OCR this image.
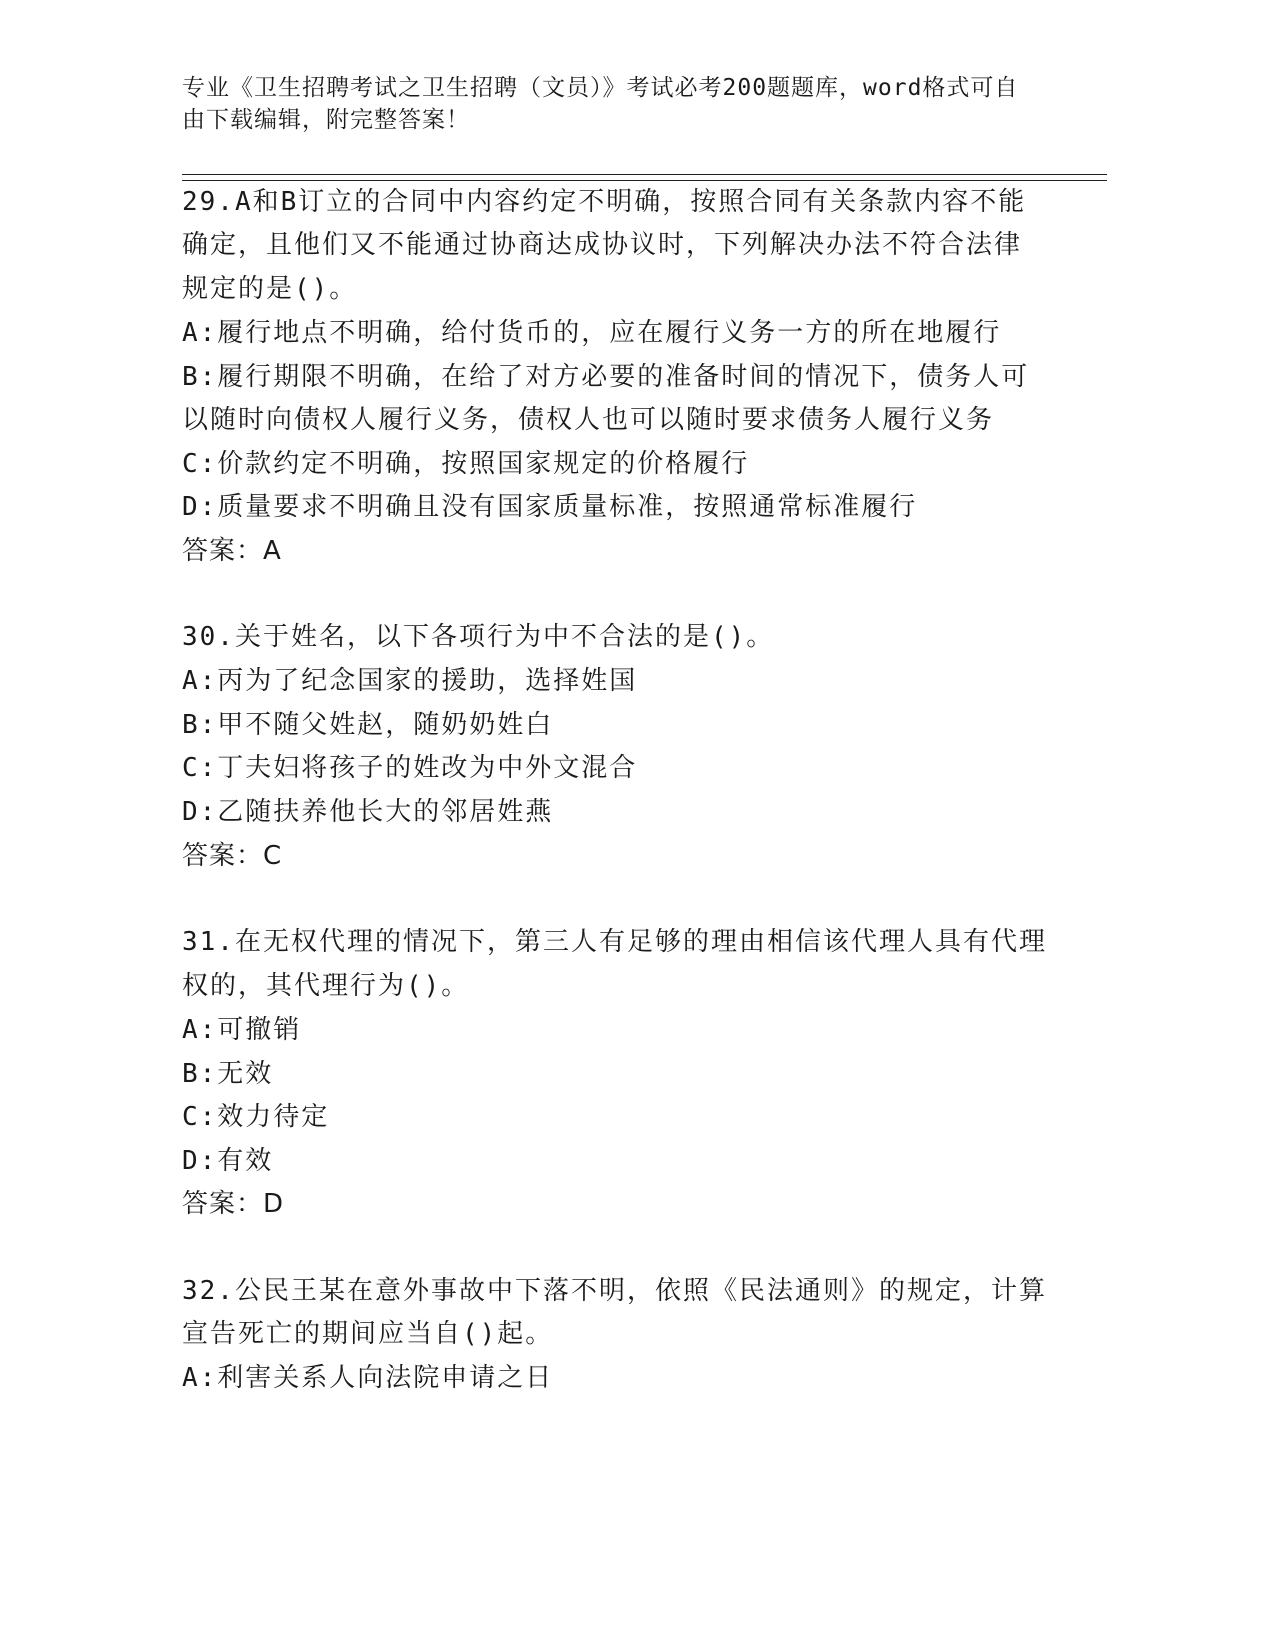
专业《卫生招聘考试之卫生招聘（文员）》考试必考200题题库，word格式可自由下载编辑，附完整答案！
29.A和B订立的合同中内容约定不明确，按照合同有关条款内容不能
确定，且他们又不能通过协商达成协议时，下列解决办法不符合法律
规定的是()。
A:履行地点不明确，给付货币的，应在履行义务一方的所在地履行
B:履行期限不明确，在给了对方必要的准备时间的情况下，债务人可
以随时向债权人履行义务，债权人也可以随时要求债务人履行义务
C:价款约定不明确，按照国家规定的价格履行
D:质量要求不明确且没有国家质量标准，按照通常标准履行
答案：A
30.关于姓名，以下各项行为中不合法的是()。
A:丙为了纪念国家的援助，选择姓国
B:甲不随父姓赵，随奶奶姓白
C:丁夫妇将孩子的姓改为中外文混合
D:乙随扶养他长大的邻居姓燕
答案：C
31.在无权代理的情况下，第三人有足够的理由相信该代理人具有代理
权的，其代理行为()。
A:可撤销
B:无效
C:效力待定
D:有效
答案：D
32.公民王某在意外事故中下落不明，依照《民法通则》的规定，计算
宣告死亡的期间应当自()起。
A:利害关系人向法院申请之日
